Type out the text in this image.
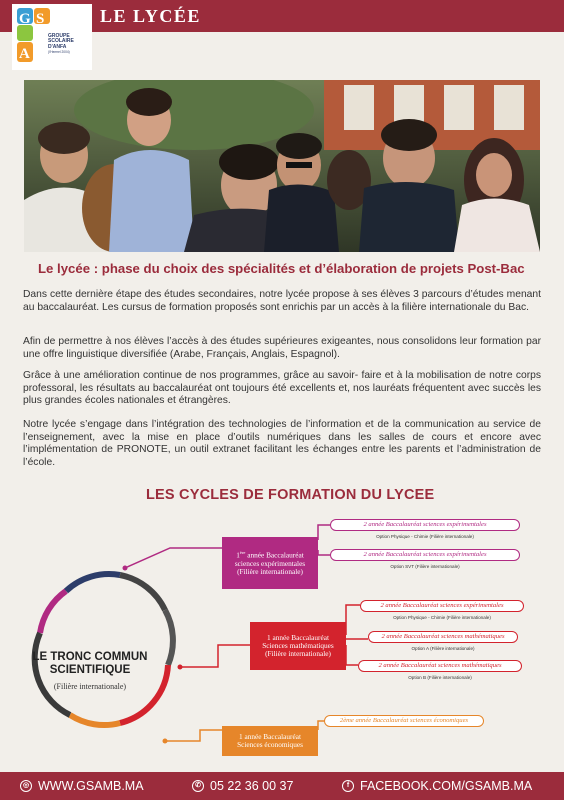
LE LYCÉE
G S
A
GROUPE
SCOLAIRE
D'ANFA
(l'Hermel 2004)
Le lycée : phase du choix des spécialités et d’élaboration de projets Post-Bac

Dans cette dernière étape des études secondaires, notre lycée propose à ses élèves 3 parcours d’études menant au baccalauréat. Les cursus de formation proposés sont enrichis par un accès à la filière internationale du Bac.

Afin de permettre à nos élèves l’accès à des études supérieures exigeantes, nous consolidons leur formation par une offre linguistique diversifiée (Arabe, Français, Anglais, Espagnol).

Grâce à une amélioration continue de nos programmes, grâce au savoir- faire et à la mobilisation de notre corps professoral, les résultats au baccalauréat ont toujours été excellents et, nos lauréats fréquentent avec succès les plus grandes écoles nationales et étrangères.

Notre lycée s’engage dans l’intégration des technologies de l’information et de la communication au service de l’enseignement, avec la mise en place d’outils numériques dans les salles de cours et encore avec l’implémentation de PRONOTE, un outil extranet facilitant les échanges entre les parents et l’administration de l’école.

LES CYCLES DE FORMATION DU LYCEE
LE TRONC COMMUN
SCIENTIFIQUE
(Filière internationale)
1ère année Baccalauréat
sciences expérimentales
(Filière internationale)
2 année Baccalauréat sciences expérimentales
Option Physique - Chimie (Filière internationale)
2 année Baccalauréat sciences expérimentales
Option SVT (Filière internationale)
1 année Baccalauréat
Sciences mathématiques
(Filière internationale)
2 année Baccalauréat sciences expérimentales
Option Physique - Chimie (Filière internationale)
2 année Baccalauréat sciences mathématiques
Option A (Filière internationale)
2 année Baccalauréat sciences mathématiques
Option B (Filière internationale)
1 année Baccalauréat
Sciences économiques
2ème année Baccalauréat sciences économiques
◎ WWW.GSAMB.MA	✆ 05 22 36 00 37	f FACEBOOK.COM/GSAMB.MA
